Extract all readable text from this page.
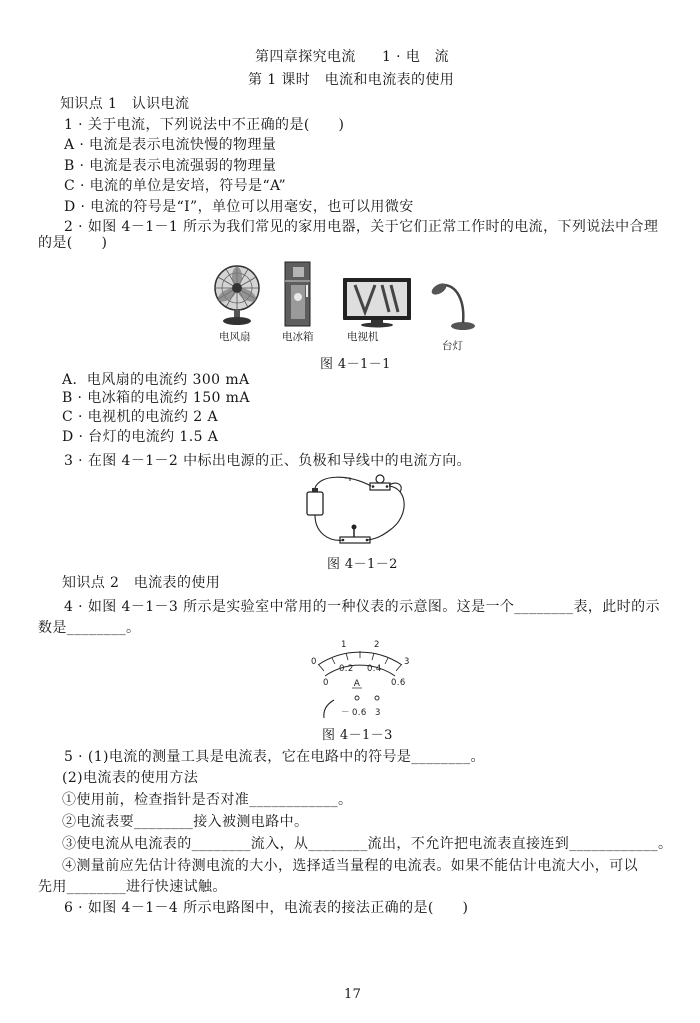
第四章探究电流 1 · 电　流
第 1 课时　电流和电流表的使用
知识点 1　认识电流
1 · 关于电流，下列说法中不正确的是(　　)
A · 电流是表示电流快慢的物理量
B · 电流是表示电流强弱的物理量
C · 电流的单位是安培，符号是“A”
D · 电流的符号是“I”，单位可以用毫安，也可以用微安
2 · 如图 4－1－1 所示为我们常见的家用电器，关于它们正常工作时的电流，下列说法中合理
的是(　　)
电风扇	电冰箱	电视机
台灯
图 4－1－1
A．电风扇的电流约 300 mA
B · 电冰箱的电流约 150 mA
C · 电视机的电流约 2 A
D · 台灯的电流约 1.5 A
3 · 在图 4－1－2 中标出电源的正、负极和导线中的电流方向。
图 4－1－2
知识点 2　电流表的使用
4 · 如图 4－1－3 所示是实验室中常用的一种仪表的示意图。这是一个________表，此时的示
数是________。
0
1	2
3
0
0.2 0.4
0.6
A
－ 0.6 3
图 4－1－3
5 · (1)电流的测量工具是电流表，它在电路中的符号是________。
(2)电流表的使用方法
①使用前，检查指针是否对准____________。
②电流表要________接入被测电路中。
③使电流从电流表的________流入，从________流出，不允许把电流表直接连到____________。
④测量前应先估计待测电流的大小，选择适当量程的电流表。如果不能估计电流大小，可以
先用________进行快速试触。
6 · 如图 4－1－4 所示电路图中，电流表的接法正确的是(　　)
17
